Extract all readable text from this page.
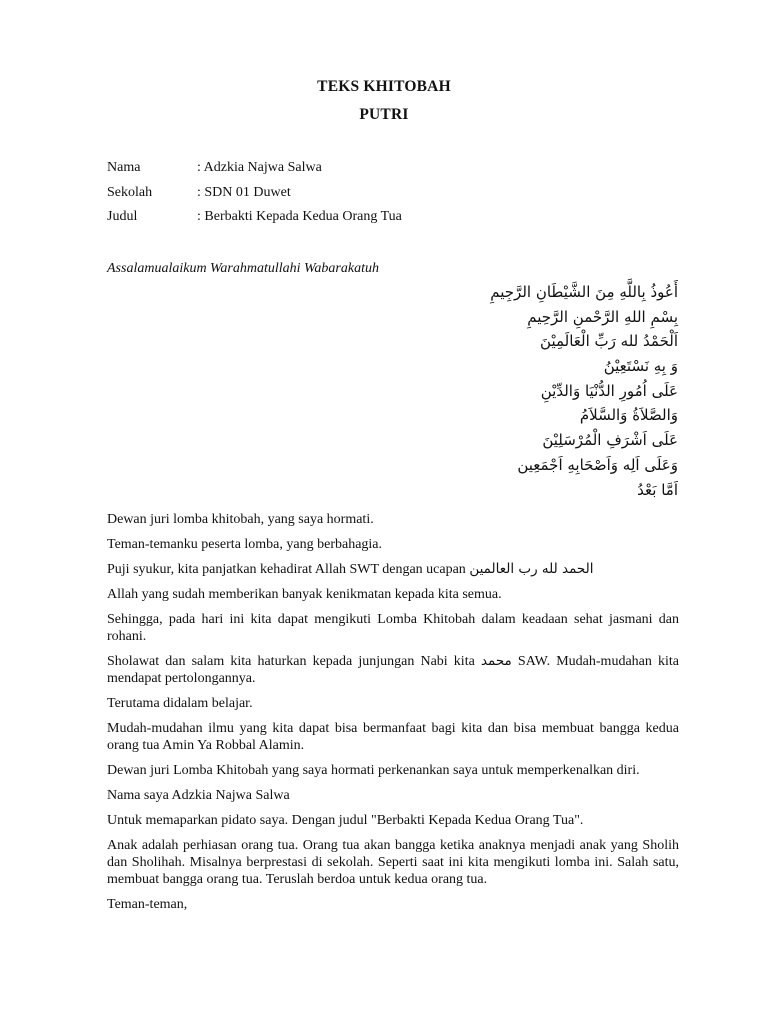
TEKS KHITOBAH
PUTRI
Nama	: Adzkia Najwa Salwa
Sekolah	: SDN 01 Duwet
Judul	: Berbakti Kepada Kedua Orang Tua
Assalamualaikum Warahmatullahi Wabarakatuh
أَعُوذُ بِاللَّهِ مِنَ الشَّيْطَانِ الرَّجِيمِ
بِسْمِ اللهِ الرَّحْمنِ الرَّحِيمِ
اَلْحَمْدُ لله رَبِّ الْعَالَمِيْنَ
وَ بِهِ نَسْتَعِيْنُ
عَلَى اُمُورِ الدُّنْيَا وَالدِّيْنِ
وَالصَّلاَةُ وَالسَّلاَمُ
عَلَى اَشْرَفِ الْمُرْسَلِيْنَ
وَعَلَى اَلِه وَاَصْحَابِهِ اَجْمَعِين
اَمَّا بَعْدُ

Dewan juri lomba khitobah, yang saya hormati.

Teman-temanku peserta lomba, yang berbahagia.

Puji syukur, kita panjatkan kehadirat Allah SWT dengan ucapan الحمد لله رب العالمين

Allah yang sudah memberikan banyak kenikmatan kepada kita semua.

Sehingga, pada hari ini kita dapat mengikuti Lomba Khitobah dalam keadaan sehat jasmani dan rohani.

Sholawat dan salam kita haturkan kepada junjungan Nabi kita محمد SAW. Mudah-mudahan kita mendapat pertolongannya.

Terutama didalam belajar.

Mudah-mudahan ilmu yang kita dapat bisa bermanfaat bagi kita dan bisa membuat bangga kedua orang tua Amin Ya Robbal Alamin.

Dewan juri Lomba Khitobah yang saya hormati perkenankan saya untuk memperkenalkan diri.

Nama saya Adzkia Najwa Salwa

Untuk memaparkan pidato saya. Dengan judul "Berbakti Kepada Kedua Orang Tua".

Anak adalah perhiasan orang tua. Orang tua akan bangga ketika anaknya menjadi anak yang Sholih dan Sholihah. Misalnya berprestasi di sekolah. Seperti saat ini kita mengikuti lomba ini. Salah satu, membuat bangga orang tua. Teruslah berdoa untuk kedua orang tua.

Teman-teman,
